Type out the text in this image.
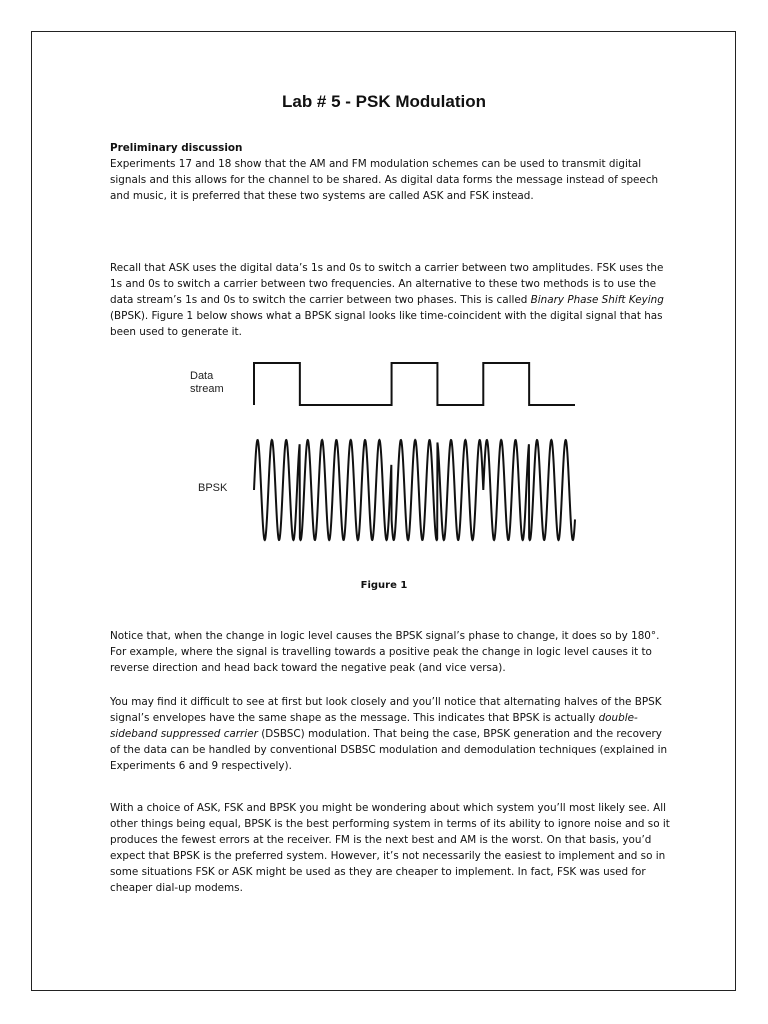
Lab # 5 - PSK Modulation
Preliminary discussion

Experiments 17 and 18 show that the AM and FM modulation schemes can be used to transmit digital signals and this allows for the channel to be shared. As digital data forms the message instead of speech and music, it is preferred that these two systems are called ASK and FSK instead.

Recall that ASK uses the digital data’s 1s and 0s to switch a carrier between two amplitudes. FSK uses the 1s and 0s to switch a carrier between two frequencies. An alternative to these two methods is to use the data stream’s 1s and 0s to switch the carrier between two phases. This is called Binary Phase Shift Keying (BPSK). Figure 1 below shows what a BPSK signal looks like time-coincident with the digital signal that has been used to generate it.

Data
stream
BPSK
Figure 1

Notice that, when the change in logic level causes the BPSK signal’s phase to change, it does so by 180°. For example, where the signal is travelling towards a positive peak the change in logic level causes it to reverse direction and head back toward the negative peak (and vice versa).

You may find it difficult to see at first but look closely and you’ll notice that alternating halves of the BPSK signal’s envelopes have the same shape as the message. This indicates that BPSK is actually double-sideband suppressed carrier (DSBSC) modulation. That being the case, BPSK generation and the recovery of the data can be handled by conventional DSBSC modulation and demodulation techniques (explained in Experiments 6 and 9 respectively).

With a choice of ASK, FSK and BPSK you might be wondering about which system you’ll most likely see. All other things being equal, BPSK is the best performing system in terms of its ability to ignore noise and so it produces the fewest errors at the receiver. FM is the next best and AM is the worst. On that basis, you’d expect that BPSK is the preferred system. However, it’s not necessarily the easiest to implement and so in some situations FSK or ASK might be used as they are cheaper to implement. In fact, FSK was used for cheaper dial-up modems.
